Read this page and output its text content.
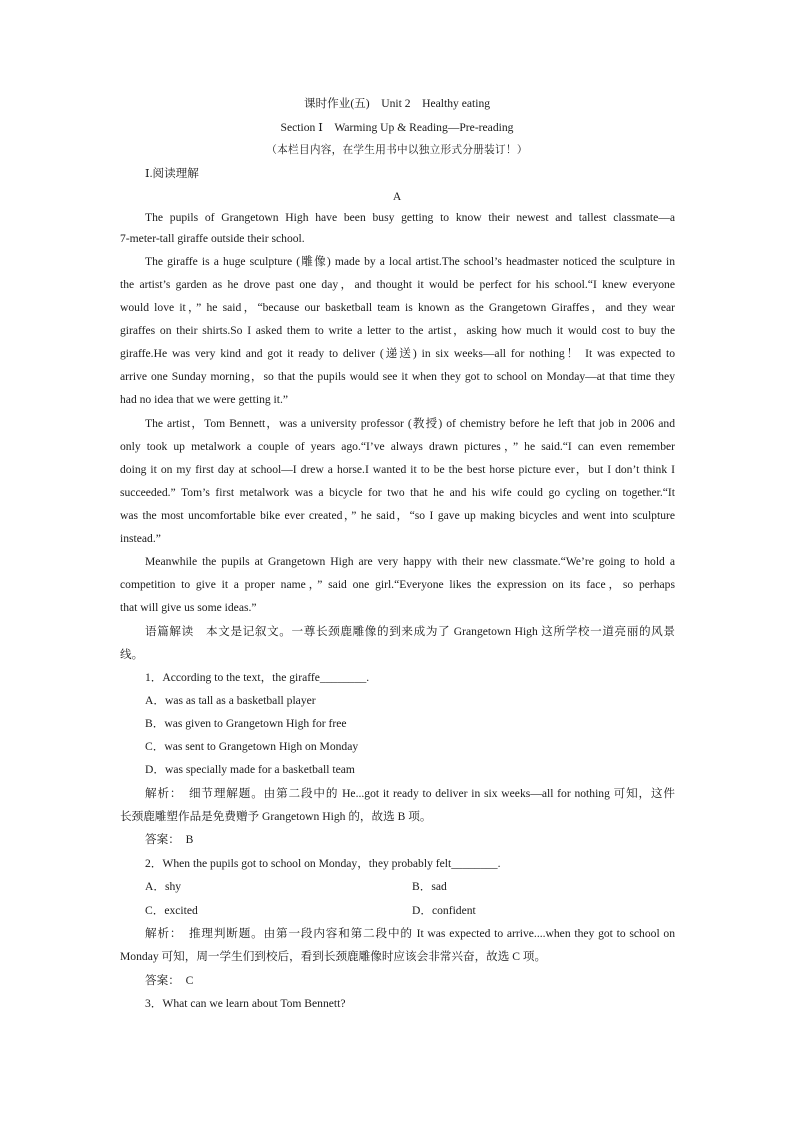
课时作业(五)　Unit 2　Healthy eating
Section Ⅰ　Warming Up & Reading—Pre-reading
（本栏目内容，在学生用书中以独立形式分册装订！）
Ⅰ.阅读理解
A
The pupils of Grangetown High have been busy getting to know their newest and tallest classmate—a
7-meter-tall giraffe outside their school.
The giraffe is a huge sculpture (雕像) made by a local artist.The school’s headmaster noticed the sculpture in
the artist’s garden as he drove past one day，and thought it would be perfect for his school.“I knew everyone
would love it，” he said，“because our basketball team is known as the Grangetown Giraffes，and they wear
giraffes on their shirts.So I asked them to write a letter to the artist，asking how much it would cost to buy the
giraffe.He was very kind and got it ready to deliver (递送) in six weeks—all for nothing！ It was expected to
arrive one Sunday morning，so that the pupils would see it when they got to school on Monday—at that time they
had no idea that we were getting it.”
The artist，Tom Bennett，was a university professor (教授) of chemistry before he left that job in 2006 and
only took up metalwork a couple of years ago.“I’ve always drawn pictures，” he said.“I can even remember
doing it on my first day at school—I drew a horse.I wanted it to be the best horse picture ever，but I don’t think I
succeeded.” Tom’s first metalwork was a bicycle for two that he and his wife could go cycling on together.“It
was the most uncomfortable bike ever created，” he said，“so I gave up making bicycles and went into sculpture
instead.”
Meanwhile the pupils at Grangetown High are very happy with their new classmate.“We’re going to hold a
competition to give it a proper name，” said one girl.“Everyone likes the expression on its face，so perhaps
that will give us some ideas.”
语篇解读　本文是记叙文。一尊长颈鹿雕像的到来成为了 Grangetown High 这所学校一道亮丽的风景
线。
1．According to the text，the giraffe________.
A．was as tall as a basketball player
B．was given to Grangetown High for free
C．was sent to Grangetown High on Monday
D．was specially made for a basketball team
解析：　细节理解题。由第二段中的 He...got it ready to deliver in six weeks—all for nothing 可知，这件
长颈鹿雕塑作品是免费赠予 Grangetown High 的，故选 B 项。
答案：　B
2．When the pupils got to school on Monday，they probably felt________.
A．shy	B．sad
C．excited	D．confident
解析：　推理判断题。由第一段内容和第二段中的 It was expected to arrive....when they got to school on
Monday 可知，周一学生们到校后，看到长颈鹿雕像时应该会非常兴奋，故选 C 项。
答案：　C
3．What can we learn about Tom Bennett?
